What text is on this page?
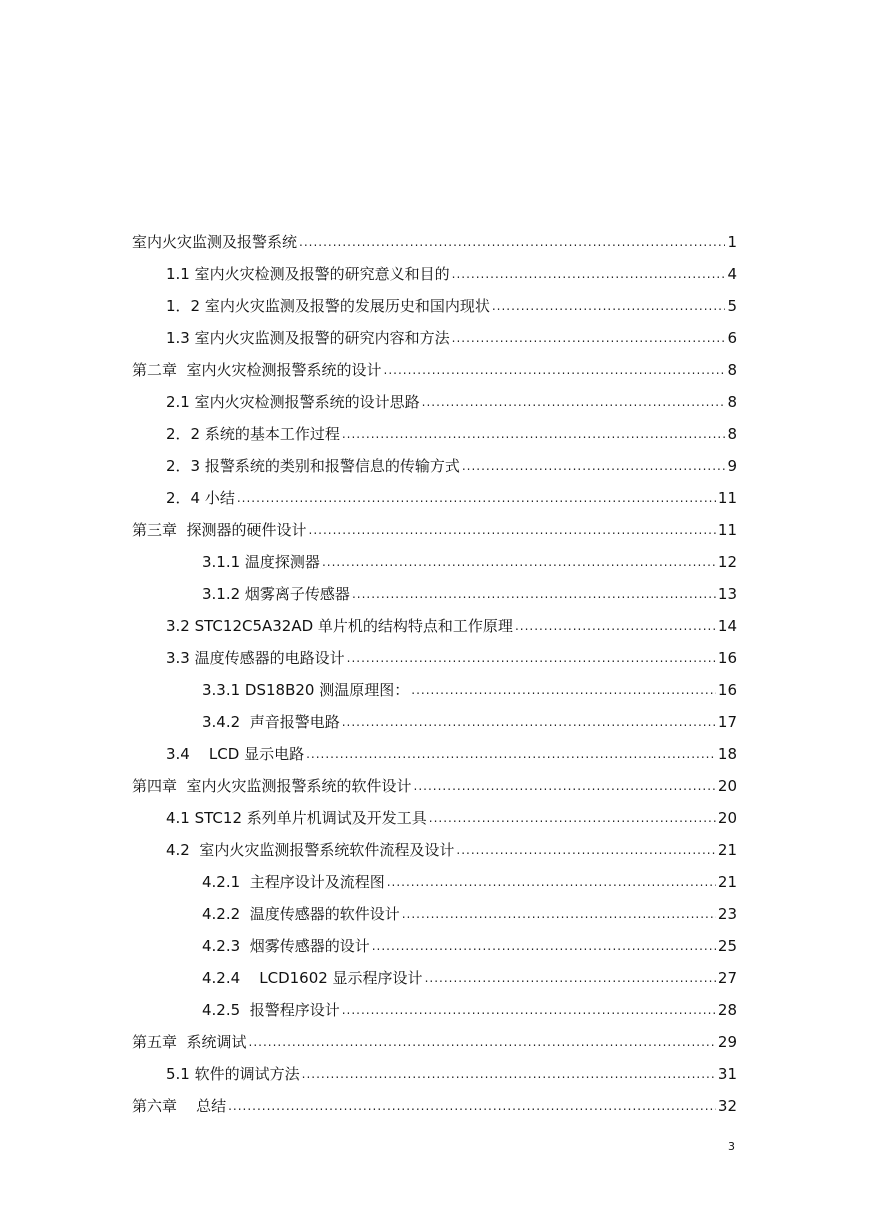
室内火灾监测及报警系统 .....	1
1.1 室内火灾检测及报警的研究意义和目的 .....	4
1．2 室内火灾监测及报警的发展历史和国内现状 .....	5
1.3 室内火灾监测及报警的研究内容和方法 .....	6
第二章  室内火灾检测报警系统的设计 .....	8
2.1 室内火灾检测报警系统的设计思路 .....	8
2．2 系统的基本工作过程 .....	8
2．3 报警系统的类别和报警信息的传输方式 .....	9
2．4 小结 .....	11
第三章  探测器的硬件设计 .....	11
3.1.1 温度探测器 .....	12
3.1.2 烟雾离子传感器 .....	13
3.2 STC12C5A32AD 单片机的结构特点和工作原理 .....	14
3.3 温度传感器的电路设计 .....	16
3.3.1 DS18B20 测温原理图： .....	16
3.4.2  声音报警电路 .....	17
3.4    LCD 显示电路 .....	18
第四章  室内火灾监测报警系统的软件设计 .....	20
4.1 STC12 系列单片机调试及开发工具 .....	20
4.2  室内火灾监测报警系统软件流程及设计 .....	21
4.2.1  主程序设计及流程图 .....	21
4.2.2  温度传感器的软件设计 .....	23
4.2.3  烟雾传感器的设计 .....	25
4.2.4    LCD1602 显示程序设计 .....	27
4.2.5  报警程序设计 .....	28
第五章  系统调试 .....	29
5.1 软件的调试方法 .....	31
第六章    总结 .....	32
3
